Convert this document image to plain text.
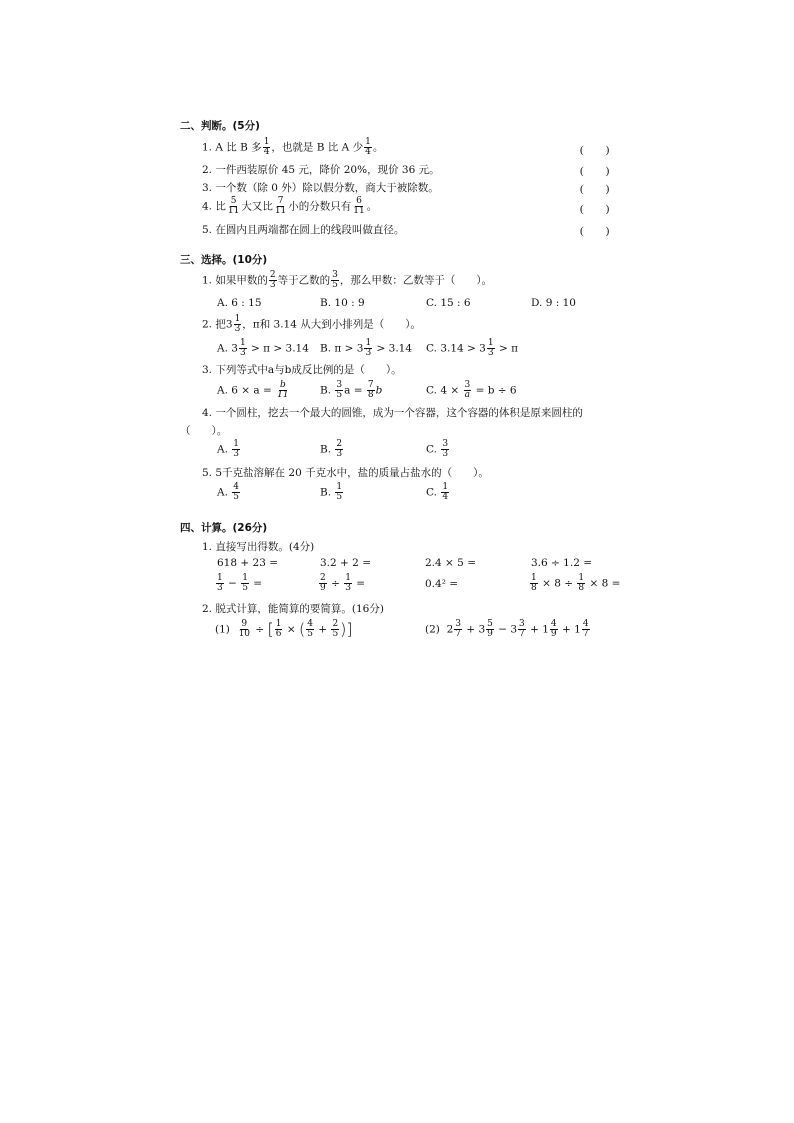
二、判断。(5分)
1. A 比 B 多 $\frac{1}{4}$ ，也就是 B 比 A 少 $\frac{1}{4}$ 。	(　　)
2. 一件西装原价 45 元，降价 20%，现价 36 元。	(　　)
3. 一个数（除 0 外）除以假分数，商大于被除数。	(　　)
4. 比 $\frac{5}{11}$ 大又比 $\frac{7}{11}$ 小的分数只有 $\frac{6}{11}$ 。	(　　)
5. 在圆内且两端都在圆上的线段叫做直径。	(　　)
三、选择。(10分)
1. 如果甲数的 $\frac{2}{3}$ 等于乙数的 $\frac{3}{5}$ ，那么甲数：乙数等于（　　）。
A. 6 : 15	B. 10 : 9	C. 15 : 6	D. 9 : 10
2. 把$3 \frac{1}{3}$ ，π和 3.14 从大到小排列是（　　）。
A. $3 \frac{1}{3} > \pi > 3.14$ B. $\pi > 3 \frac{1}{3} > 3.14$ C. $3.14 > 3 \frac{1}{3} > \pi$
3. 下列等式中a与b成反比例的是（　　）。
A. $6 \times a = \frac{b}{11}$	B. $\frac{3}{5}$ $a = \frac{7}{8}$ b	C. $4 \times \frac{3}{a} = b \div 6$
4. 一个圆柱，挖去一个最大的圆锥，成为一个容器，这个容器的体积是原来圆柱的
（　　）。
A. $\frac{1}{3}$	B. $\frac{2}{3}$	C. $\frac{3}{3}$
5. 5千克盐溶解在 20 千克水中，盐的质量占盐水的（　　）。
A. $\frac{4}{5}$	B. $\frac{1}{5}$	C. $\frac{1}{4}$
四、计算。(26分)
1. 直接写出得数。(4分)
618 + 23 =	3.2 + 2 =	2.4 × 5 =	3.6 ÷ 1.2 =
$\frac{1}{3} - \frac{1}{5}$ =	$\frac{2}{9} \div \frac{1}{3}$ =	0.4² =	$\frac{1}{8} \times 8 \div \frac{1}{8} \times 8$ =
2. 脱式计算，能简算的要简算。(16分)
$(1) \frac{9}{10}$ ÷ [ $\frac{1}{6}$ × ( $\frac{4}{5} + \frac{2}{5}$ )]	(2) $2 \frac{3}{7} + 3 \frac{5}{9} - 3 \frac{3}{7} + 1 \frac{4}{9} + 1 \frac{4}{7}$
